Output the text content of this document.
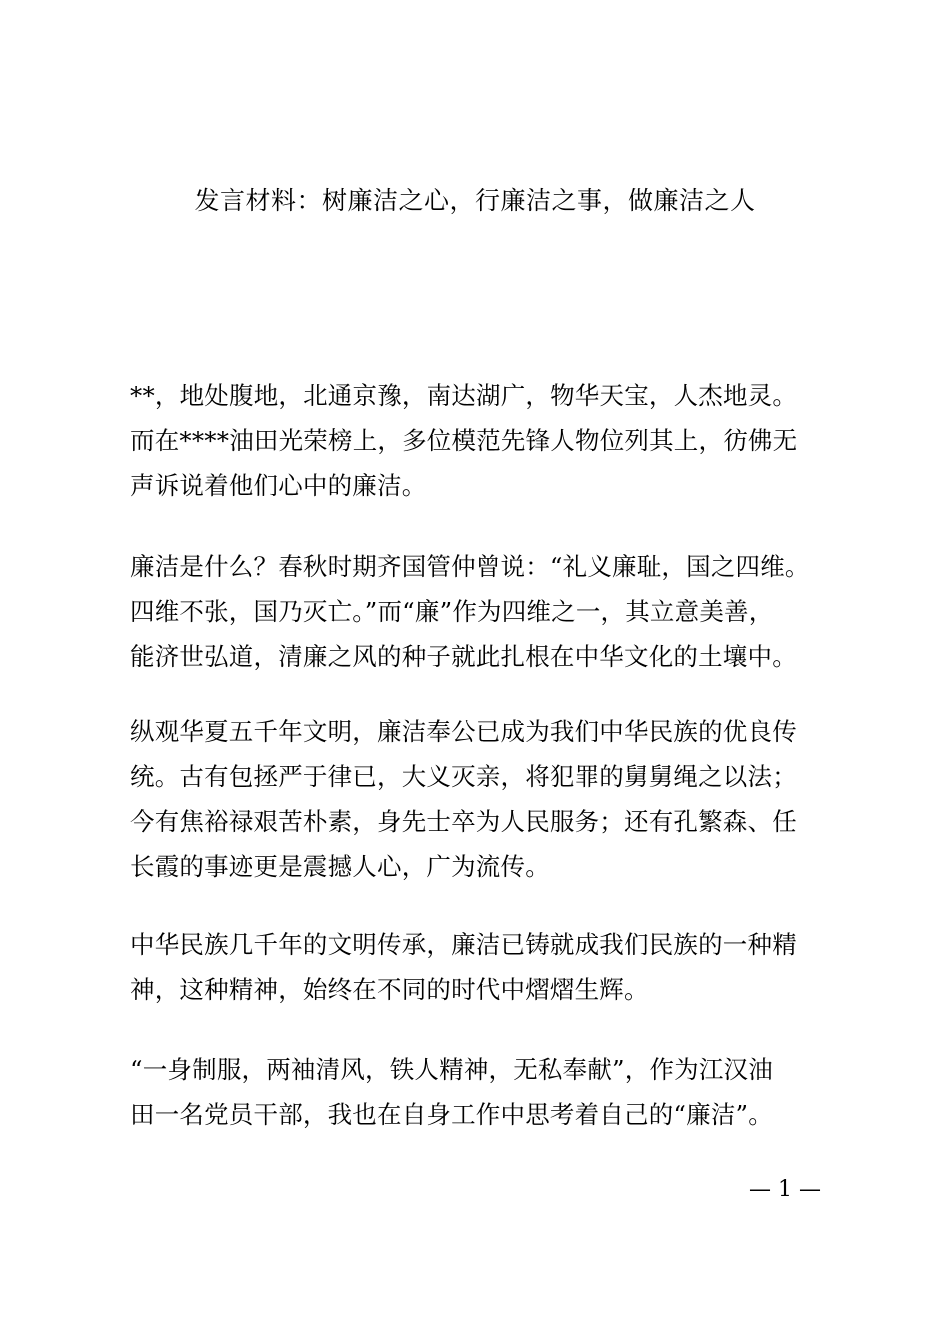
发言材料：树廉洁之心，行廉洁之事，做廉洁之人
**，地处腹地，北通京豫，南达湖广，物华天宝，人杰地灵。
而在****油田光荣榜上，多位模范先锋人物位列其上，彷佛无
声诉说着他们心中的廉洁。
廉洁是什么？春秋时期齐国管仲曾说：“礼义廉耻，国之四维。
四维不张，国乃灭亡。”而“廉”作为四维之一，其立意美善，
能济世弘道，清廉之风的种子就此扎根在中华文化的土壤中。
纵观华夏五千年文明，廉洁奉公已成为我们中华民族的优良传
统。古有包拯严于律已，大义灭亲，将犯罪的舅舅绳之以法；
今有焦裕禄艰苦朴素，身先士卒为人民服务；还有孔繁森、任
长霞的事迹更是震撼人心，广为流传。
中华民族几千年的文明传承，廉洁已铸就成我们民族的一种精
神，这种精神，始终在不同的时代中熠熠生辉。
“一身制服，两袖清风，铁人精神，无私奉献”，作为江汉油
田一名党员干部，我也在自身工作中思考着自己的“廉洁”。
— 1 —
